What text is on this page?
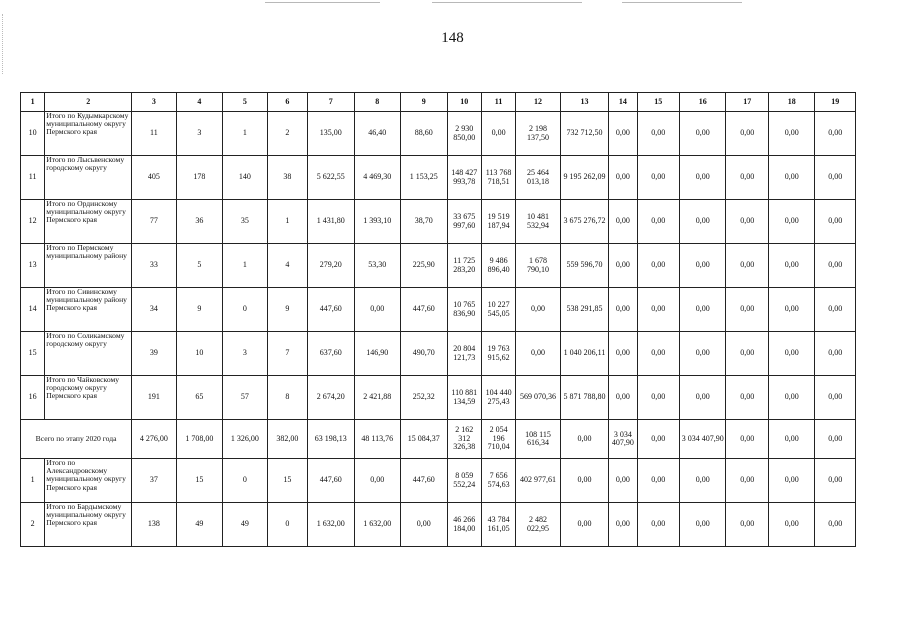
148
1	2	3	4	5	6	7	8	9	10	11	12	13	14	15	16	17	18	19
10	Итого по Кудымкарскому муниципальному округу Пермского края	11	3	1	2	135,00	46,40	88,60	2 930 850,00	0,00	2 198 137,50	732 712,50	0,00	0,00	0,00	0,00	0,00	0,00
11	Итого по Лысьвенскому городскому округу	405	178	140	38	5 622,55	4 469,30	1 153,25	148 427 993,78	113 768 718,51	25 464 013,18	9 195 262,09	0,00	0,00	0,00	0,00	0,00	0,00
12	Итого по Ординскому муниципальному округу Пермского края	77	36	35	1	1 431,80	1 393,10	38,70	33 675 997,60	19 519 187,94	10 481 532,94	3 675 276,72	0,00	0,00	0,00	0,00	0,00	0,00
13	Итого по Пермскому муниципальному району	33	5	1	4	279,20	53,30	225,90	11 725 283,20	9 486 896,40	1 678 790,10	559 596,70	0,00	0,00	0,00	0,00	0,00	0,00
14	Итого по Сивинскому муниципальному району Пермского края	34	9	0	9	447,60	0,00	447,60	10 765 836,90	10 227 545,05	0,00	538 291,85	0,00	0,00	0,00	0,00	0,00	0,00
15	Итого по Соликамскому городскому округу	39	10	3	7	637,60	146,90	490,70	20 804 121,73	19 763 915,62	0,00	1 040 206,11	0,00	0,00	0,00	0,00	0,00	0,00
16	Итого по Чайковскому городскому округу Пермского края	191	65	57	8	2 674,20	2 421,88	252,32	110 881 134,59	104 440 275,43	569 070,36	5 871 788,80	0,00	0,00	0,00	0,00	0,00	0,00
Всего по этапу 2020 года		4 276,00	1 708,00	1 326,00	382,00	63 198,13	48 113,76	15 084,37	2 162 312 326,38	2 054 196 710,04	108 115 616,34	0,00	3 034 407,90	0,00	3 034 407,90	0,00	0,00	0,00
1	Итого по Александровскому муниципальному округу Пермского края	37	15	0	15	447,60	0,00	447,60	8 059 552,24	7 656 574,63	402 977,61	0,00	0,00	0,00	0,00	0,00	0,00	0,00
2	Итого по Бардымскому муниципальному округу Пермского края	138	49	49	0	1 632,00	1 632,00	0,00	46 266 184,00	43 784 161,05	2 482 022,95	0,00	0,00	0,00	0,00	0,00	0,00	0,00
